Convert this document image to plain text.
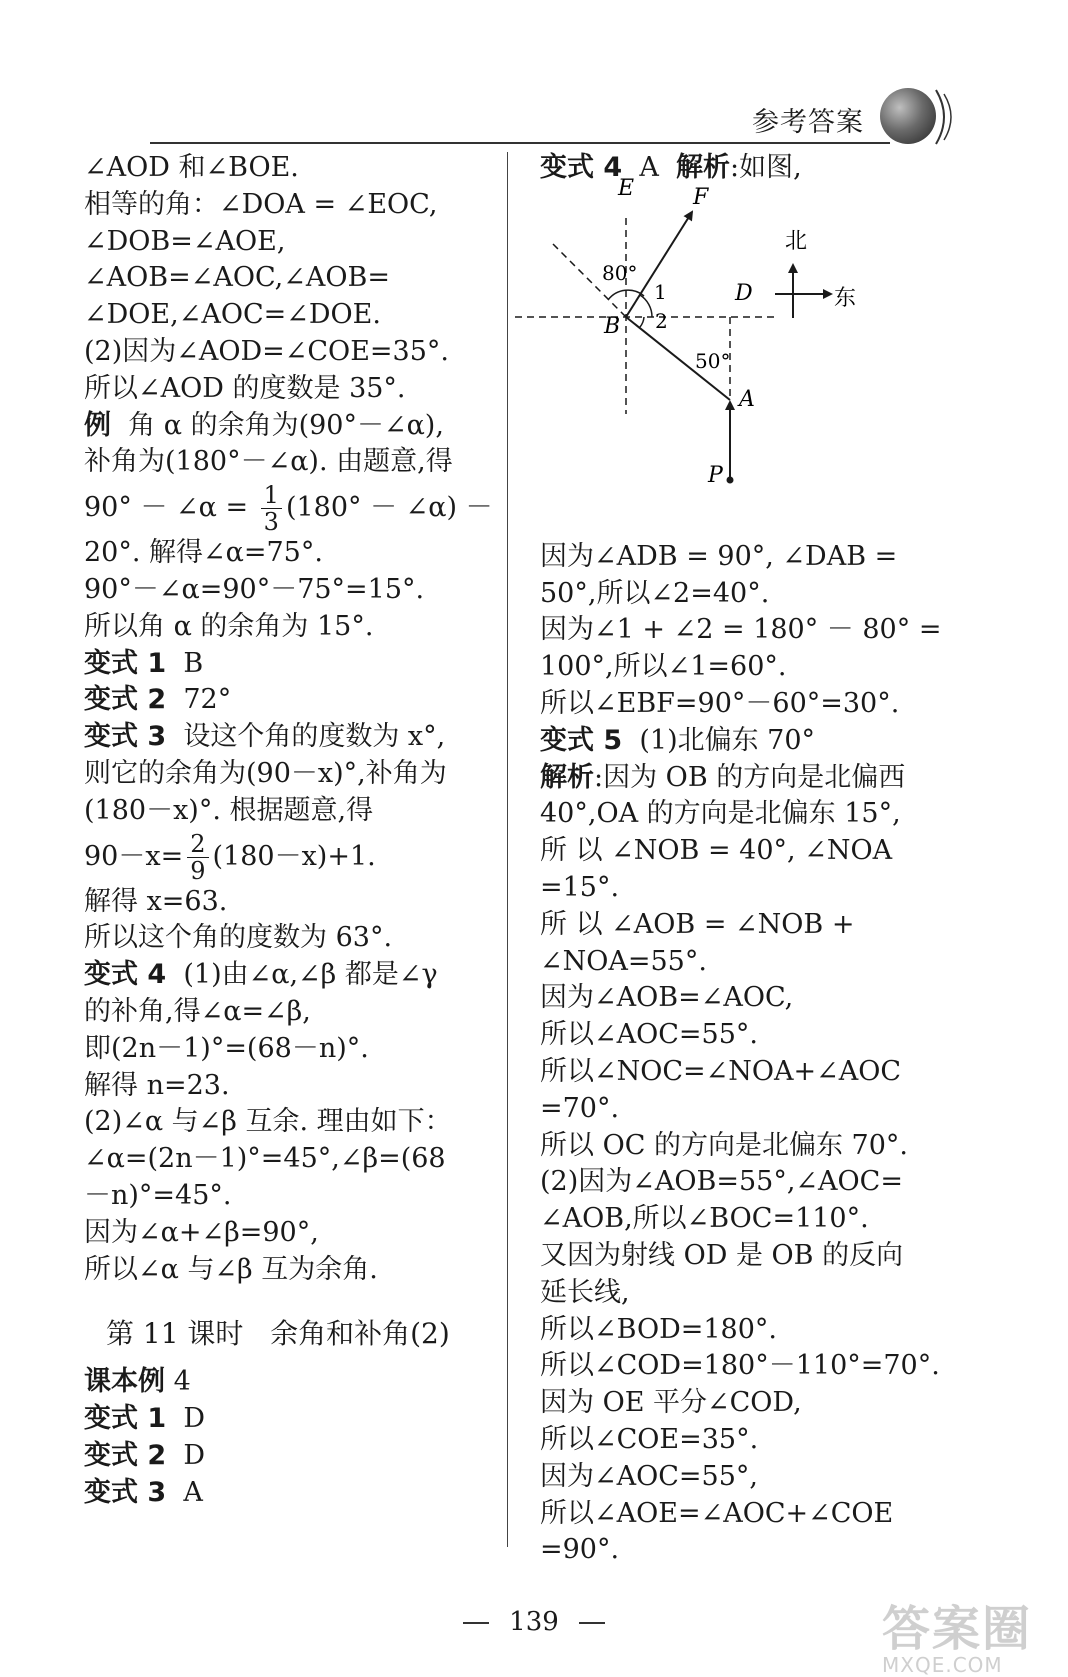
参考答案
∠AOD 和∠BOE.
相等的角：∠DOA = ∠EOC,
∠DOB=∠AOE,
∠AOB=∠AOC,∠AOB=
∠DOE,∠AOC=∠DOE.
(2)因为∠AOD=∠COE=35°.
所以∠AOD 的度数是 35°.
例  角 α 的余角为(90°－∠α),
补角为(180°－∠α). 由题意,得
90° － ∠α = $\frac{1}{3} (180^\circ$ － ∠α) －
20°. 解得∠α=75°.
90°－∠α=90°－75°=15°.
所以角 α 的余角为 15°.
变式 1  B
变式 2  72°
变式 3  设这个角的度数为 x°,
则它的余角为(90－x)°,补角为
(180－x)°. 根据题意,得
$90-x= \frac{2}{9} (180-x)+1$.
解得 x=63.
所以这个角的度数为 63°.
变式 4  (1)由∠α,∠β 都是∠γ
的补角,得∠α=∠β,
即(2n－1)°=(68－n)°.
解得 n=23.
(2)∠α 与∠β 互余. 理由如下：
∠α=(2n－1)°=45°,∠β=(68
－n)°=45°.
因为∠α+∠β=90°,
所以∠α 与∠β 互为余角.
第 11 课时   余角和补角(2)
课本例 4
变式 1  D
变式 2  D
变式 3  A
变式 4  A  解析:如图,
因为∠ADB = 90°, ∠DAB =
50°,所以∠2=40°.
因为∠1 + ∠2 = 180° － 80° =
100°,所以∠1=60°.
所以∠EBF=90°－60°=30°.
变式 5  (1)北偏东 70°
解析:因为 OB 的方向是北偏西
40°,OA 的方向是北偏东 15°,
所 以 ∠NOB = 40°, ∠NOA
=15°.
所 以 ∠AOB = ∠NOB +
∠NOA=55°.
因为∠AOB=∠AOC,
所以∠AOC=55°.
所以∠NOC=∠NOA+∠AOC
=70°.
所以 OC 的方向是北偏东 70°.
(2)因为∠AOB=55°,∠AOC=
∠AOB,所以∠BOC=110°.
又因为射线 OD 是 OB 的反向
延长线,
所以∠BOD=180°.
所以∠COD=180°－110°=70°.
因为 OE 平分∠COD,
所以∠COE=35°.
因为∠AOC=55°,
所以∠AOE=∠AOC+∠COE
=90°.
E	F
D
B
A
P
1
2
80°
50°
北
东
139	答案圈
MXQE.COM
